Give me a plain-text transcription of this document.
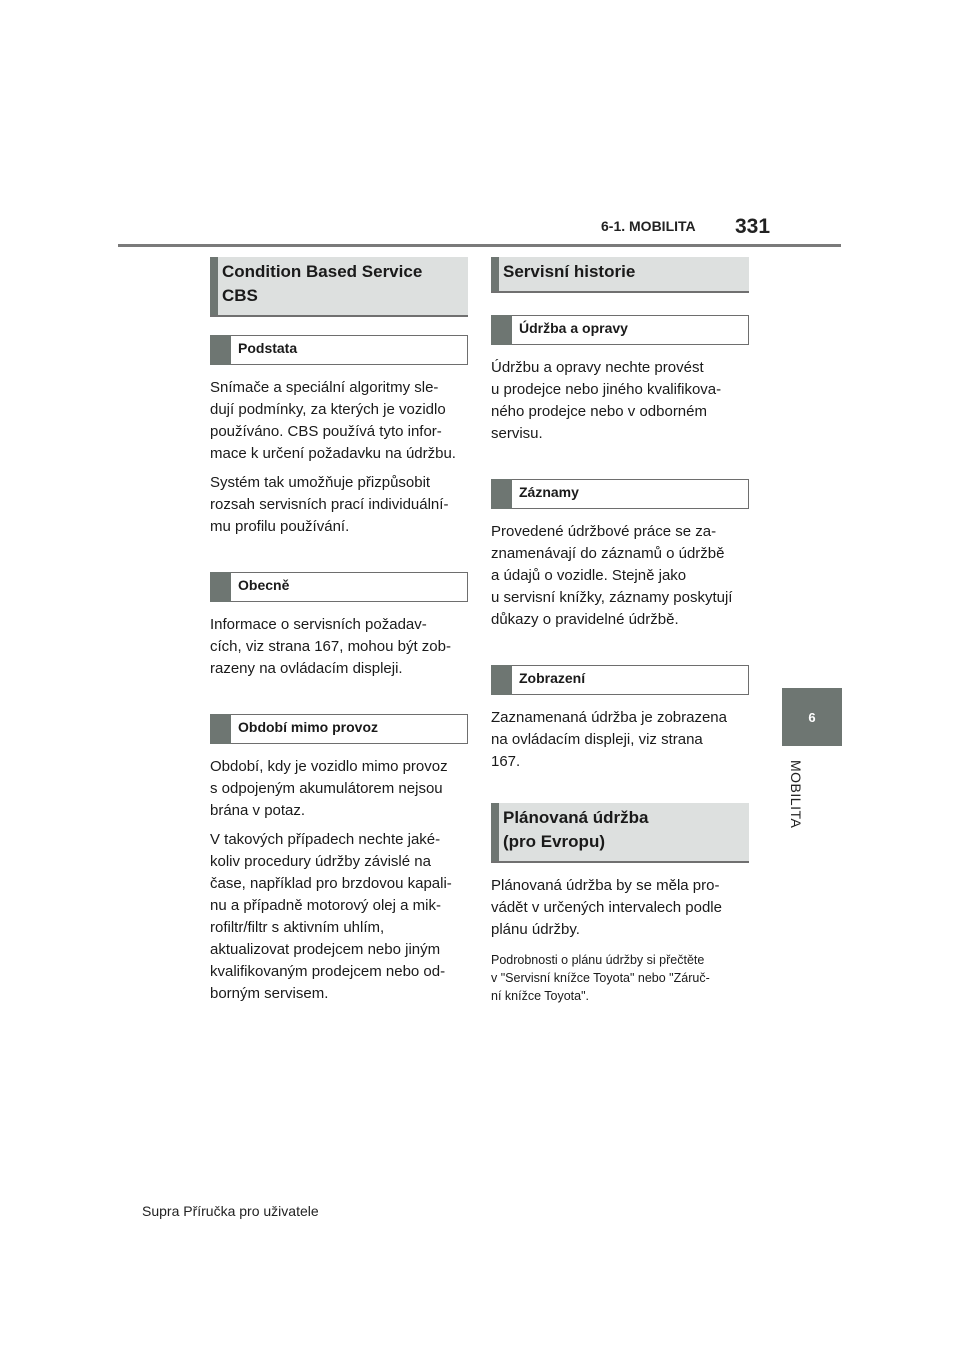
6-1. MOBILITA 331
6
MOBILITA
Condition Based Service
CBS
Podstata
Snímače a speciální algoritmy sle-
dují podmínky, za kterých je vozidlo
používáno. CBS používá tyto infor-
mace k určení požadavku na údržbu.
Systém tak umožňuje přizpůsobit
rozsah servisních prací individuální-
mu profilu používání.
Obecně
Informace o servisních požadav-
cích, viz strana 167, mohou být zob-
razeny na ovládacím displeji.
Období mimo provoz
Období, kdy je vozidlo mimo provoz
s odpojeným akumulátorem nejsou
brána v potaz.
V takových případech nechte jaké-
koliv procedury údržby závislé na
čase, například pro brzdovou kapali-
nu a případně motorový olej a mik-
rofiltr/filtr s aktivním uhlím,
aktualizovat prodejcem nebo jiným
kvalifikovaným prodejcem nebo od-
borným servisem.
Servisní historie
Údržba a opravy
Údržbu a opravy nechte provést
u prodejce nebo jiného kvalifikova-
ného prodejce nebo v odborném
servisu.
Záznamy
Provedené údržbové práce se za-
znamenávají do záznamů o údržbě
a údajů o vozidle. Stejně jako
u servisní knížky, záznamy poskytují
důkazy o pravidelné údržbě.
Zobrazení
Zaznamenaná údržba je zobrazena
na ovládacím displeji, viz strana
167.
Plánovaná údržba
(pro Evropu)
Plánovaná údržba by se měla pro-
vádět v určených intervalech podle
plánu údržby.
Podrobnosti o plánu údržby si přečtěte
v "Servisní knížce Toyota" nebo "Záruč-
ní knížce Toyota".
Supra Příručka pro uživatele
